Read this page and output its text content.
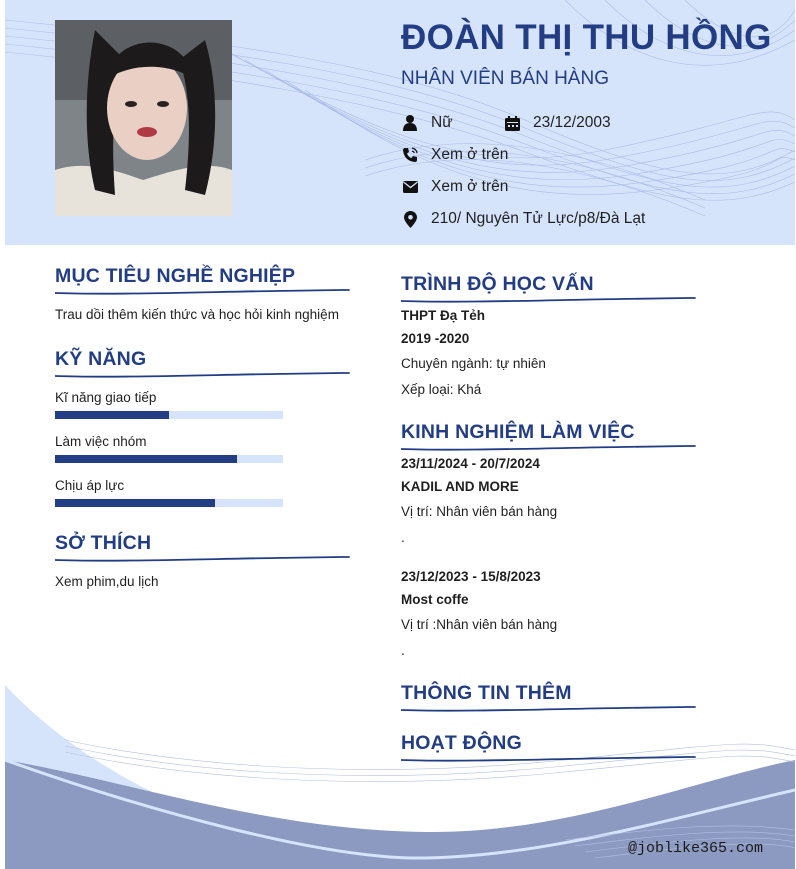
ĐOÀN THỊ THU HỒNG
NHÂN VIÊN BÁN HÀNG
Nữ	23/12/2003
Xem ở trên
Xem ở trên
210/ Nguyên Tử Lực/p8/Đà Lạt
MỤC TIÊU NGHỀ NGHIỆP
Trau dồi thêm kiến thức và học hỏi kinh nghiệm
KỸ NĂNG
Kĩ năng giao tiếp
Làm việc nhóm
Chịu áp lực
SỞ THÍCH
Xem phim,du lịch
TRÌNH ĐỘ HỌC VẤN
THPT Đạ Tẻh
2019 -2020
Chuyên ngành: tự nhiên
Xếp loại: Khá
KINH NGHIỆM LÀM VIỆC
23/11/2024 - 20/7/2024
KADIL AND MORE
Vị trí: Nhân viên bán hàng
.
23/12/2023 - 15/8/2023
Most coffe
Vị trí :Nhân viên bán hàng
.
THÔNG TIN THÊM
HOẠT ĐỘNG
@joblike365.com
